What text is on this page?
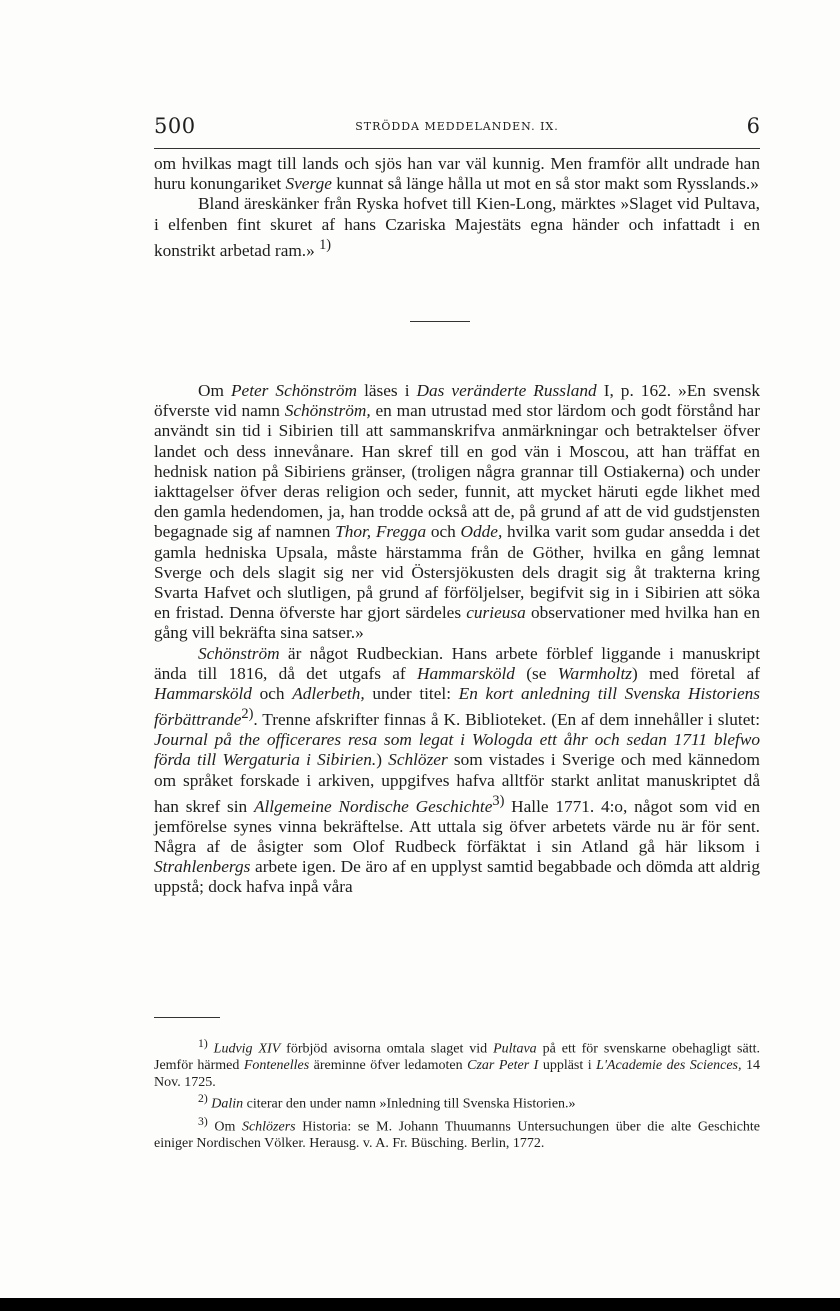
500	STRÖDDA MEDDELANDEN. IX.	6

om hvilkas magt till lands och sjös han var väl kunnig. Men framför allt undrade han huru konungariket Sverge kunnat så länge hålla ut mot en så stor makt som Rysslands.»

Bland äreskänker från Ryska hofvet till Kien-Long, märktes »Slaget vid Pultava, i elfenben fint skuret af hans Czariska Majestäts egna händer och infattadt i en konstrikt arbetad ram.» $^{1)}$

Om Peter Schönström läses i Das veränderte Russland I, p. 162. »En svensk öfverste vid namn Schönström, en man utrustad med stor lärdom och godt förstånd har användt sin tid i Sibirien till att sammanskrifva anmärkningar och betraktelser öfver landet och dess innevånare. Han skref till en god vän i Moscou, att han träffat en hednisk nation på Sibiriens gränser, (troligen några grannar till Ostiakerna) och under iakttagelser öfver deras religion och seder, funnit, att mycket häruti egde likhet med den gamla hedendomen, ja, han trodde också att de, på grund af att de vid gudstjensten begagnade sig af namnen Thor, Fregga och Odde, hvilka varit som gudar ansedda i det gamla hedniska Upsala, måste härstamma från de Göther, hvilka en gång lemnat Sverge och dels slagit sig ner vid Östersjökusten dels dragit sig åt trakterna kring Svarta Hafvet och slutligen, på grund af förföljelser, begifvit sig in i Sibirien att söka en fristad. Denna öfverste har gjort särdeles curieusa observationer med hvilka han en gång vill bekräfta sina satser.»

Schönström är något Rudbeckian. Hans arbete förblef liggande i manuskript ända till 1816, då det utgafs af Hammarsköld (se Warmholtz) med företal af Hammarsköld och Adlerbeth, under titel: En kort anledning till Svenska Historiens förbättrande$^{2)}$. Trenne afskrifter finnas å K. Biblioteket. (En af dem innehåller i slutet: Journal på the officerares resa som legat i Wologda ett åhr och sedan 1711 blefwo förda till Wergaturia i Sibirien.) Schlözer som vistades i Sverige och med kännedom om språket forskade i arkiven, uppgifves hafva alltför starkt anlitat manuskriptet då han skref sin Allgemeine Nordische Geschichte$^{3)}$ Halle 1771. 4:o, något som vid en jemförelse synes vinna bekräftelse. Att uttala sig öfver arbetets värde nu är för sent. Några af de åsigter som Olof Rudbeck förfäktat i sin Atland gå här liksom i Strahlenbergs arbete igen. De äro af en upplyst samtid begabbade och dömda att aldrig uppstå; dock hafva inpå våra

$^{1)}$ Ludvig XIV förbjöd avisorna omtala slaget vid Pultava på ett för svenskarne obehagligt sätt. Jemför härmed Fontenelles äreminne öfver ledamoten Czar Peter I uppläst i L'Academie des Sciences, 14 Nov. 1725.

$^{2)}$ Dalin citerar den under namn »Inledning till Svenska Historien.»

$^{3)}$ Om Schlözers Historia: se M. Johann Thuumanns Untersuchungen über die alte Geschichte einiger Nordischen Völker. Herausg. v. A. Fr. Büsching. Berlin, 1772.
